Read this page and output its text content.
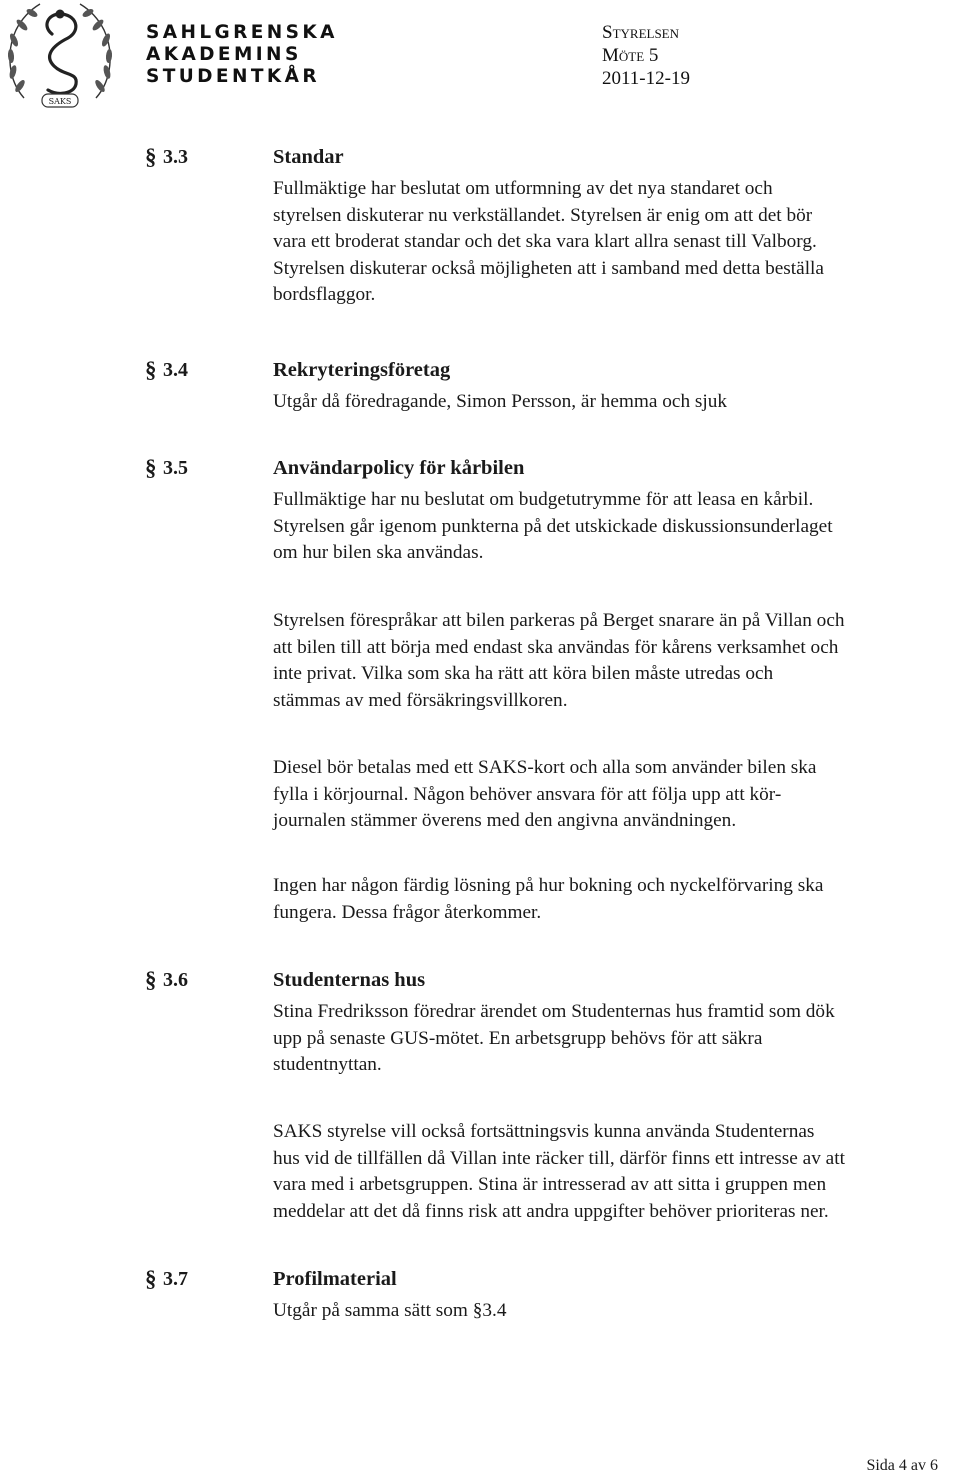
SAKS
SAHLGRENSKA
AKADEMINS
STUDENTKÅR
Styrelsen
Möte 5
2011-12-19
§ 3.3	Standar
Fullmäktige har beslutat om utformning av det nya standaret och
styrelsen diskuterar nu verkställandet. Styrelsen är enig om att det bör
vara ett broderat standar och det ska vara klart allra senast till Valborg.
Styrelsen diskuterar också möjligheten att i samband med detta beställa
bordsflaggor.
§ 3.4	Rekryteringsföretag
Utgår då föredragande, Simon Persson, är hemma och sjuk
§ 3.5	Användarpolicy för kårbilen
Fullmäktige har nu beslutat om budgetutrymme för att leasa en kårbil.
Styrelsen går igenom punkterna på det utskickade diskussionsunderlaget
om hur bilen ska användas.
Styrelsen förespråkar att bilen parkeras på Berget snarare än på Villan och
att bilen till att börja med endast ska användas för kårens verksamhet och
inte privat. Vilka som ska ha rätt att köra bilen måste utredas och
stämmas av med försäkringsvillkoren.
Diesel bör betalas med ett SAKS-kort och alla som använder bilen ska
fylla i körjournal. Någon behöver ansvara för att följa upp att kör-
journalen stämmer överens med den angivna användningen.
Ingen har någon färdig lösning på hur bokning och nyckelförvaring ska
fungera. Dessa frågor återkommer.
§ 3.6	Studenternas hus
Stina Fredriksson föredrar ärendet om Studenternas hus framtid som dök
upp på senaste GUS-mötet. En arbetsgrupp behövs för att säkra
studentnyttan.
SAKS styrelse vill också fortsättningsvis kunna använda Studenternas
hus vid de tillfällen då Villan inte räcker till, därför finns ett intresse av att
vara med i arbetsgruppen. Stina är intresserad av att sitta i gruppen men
meddelar att det då finns risk att andra uppgifter behöver prioriteras ner.
§ 3.7	Profilmaterial
Utgår på samma sätt som §3.4
Sida 4 av 6
